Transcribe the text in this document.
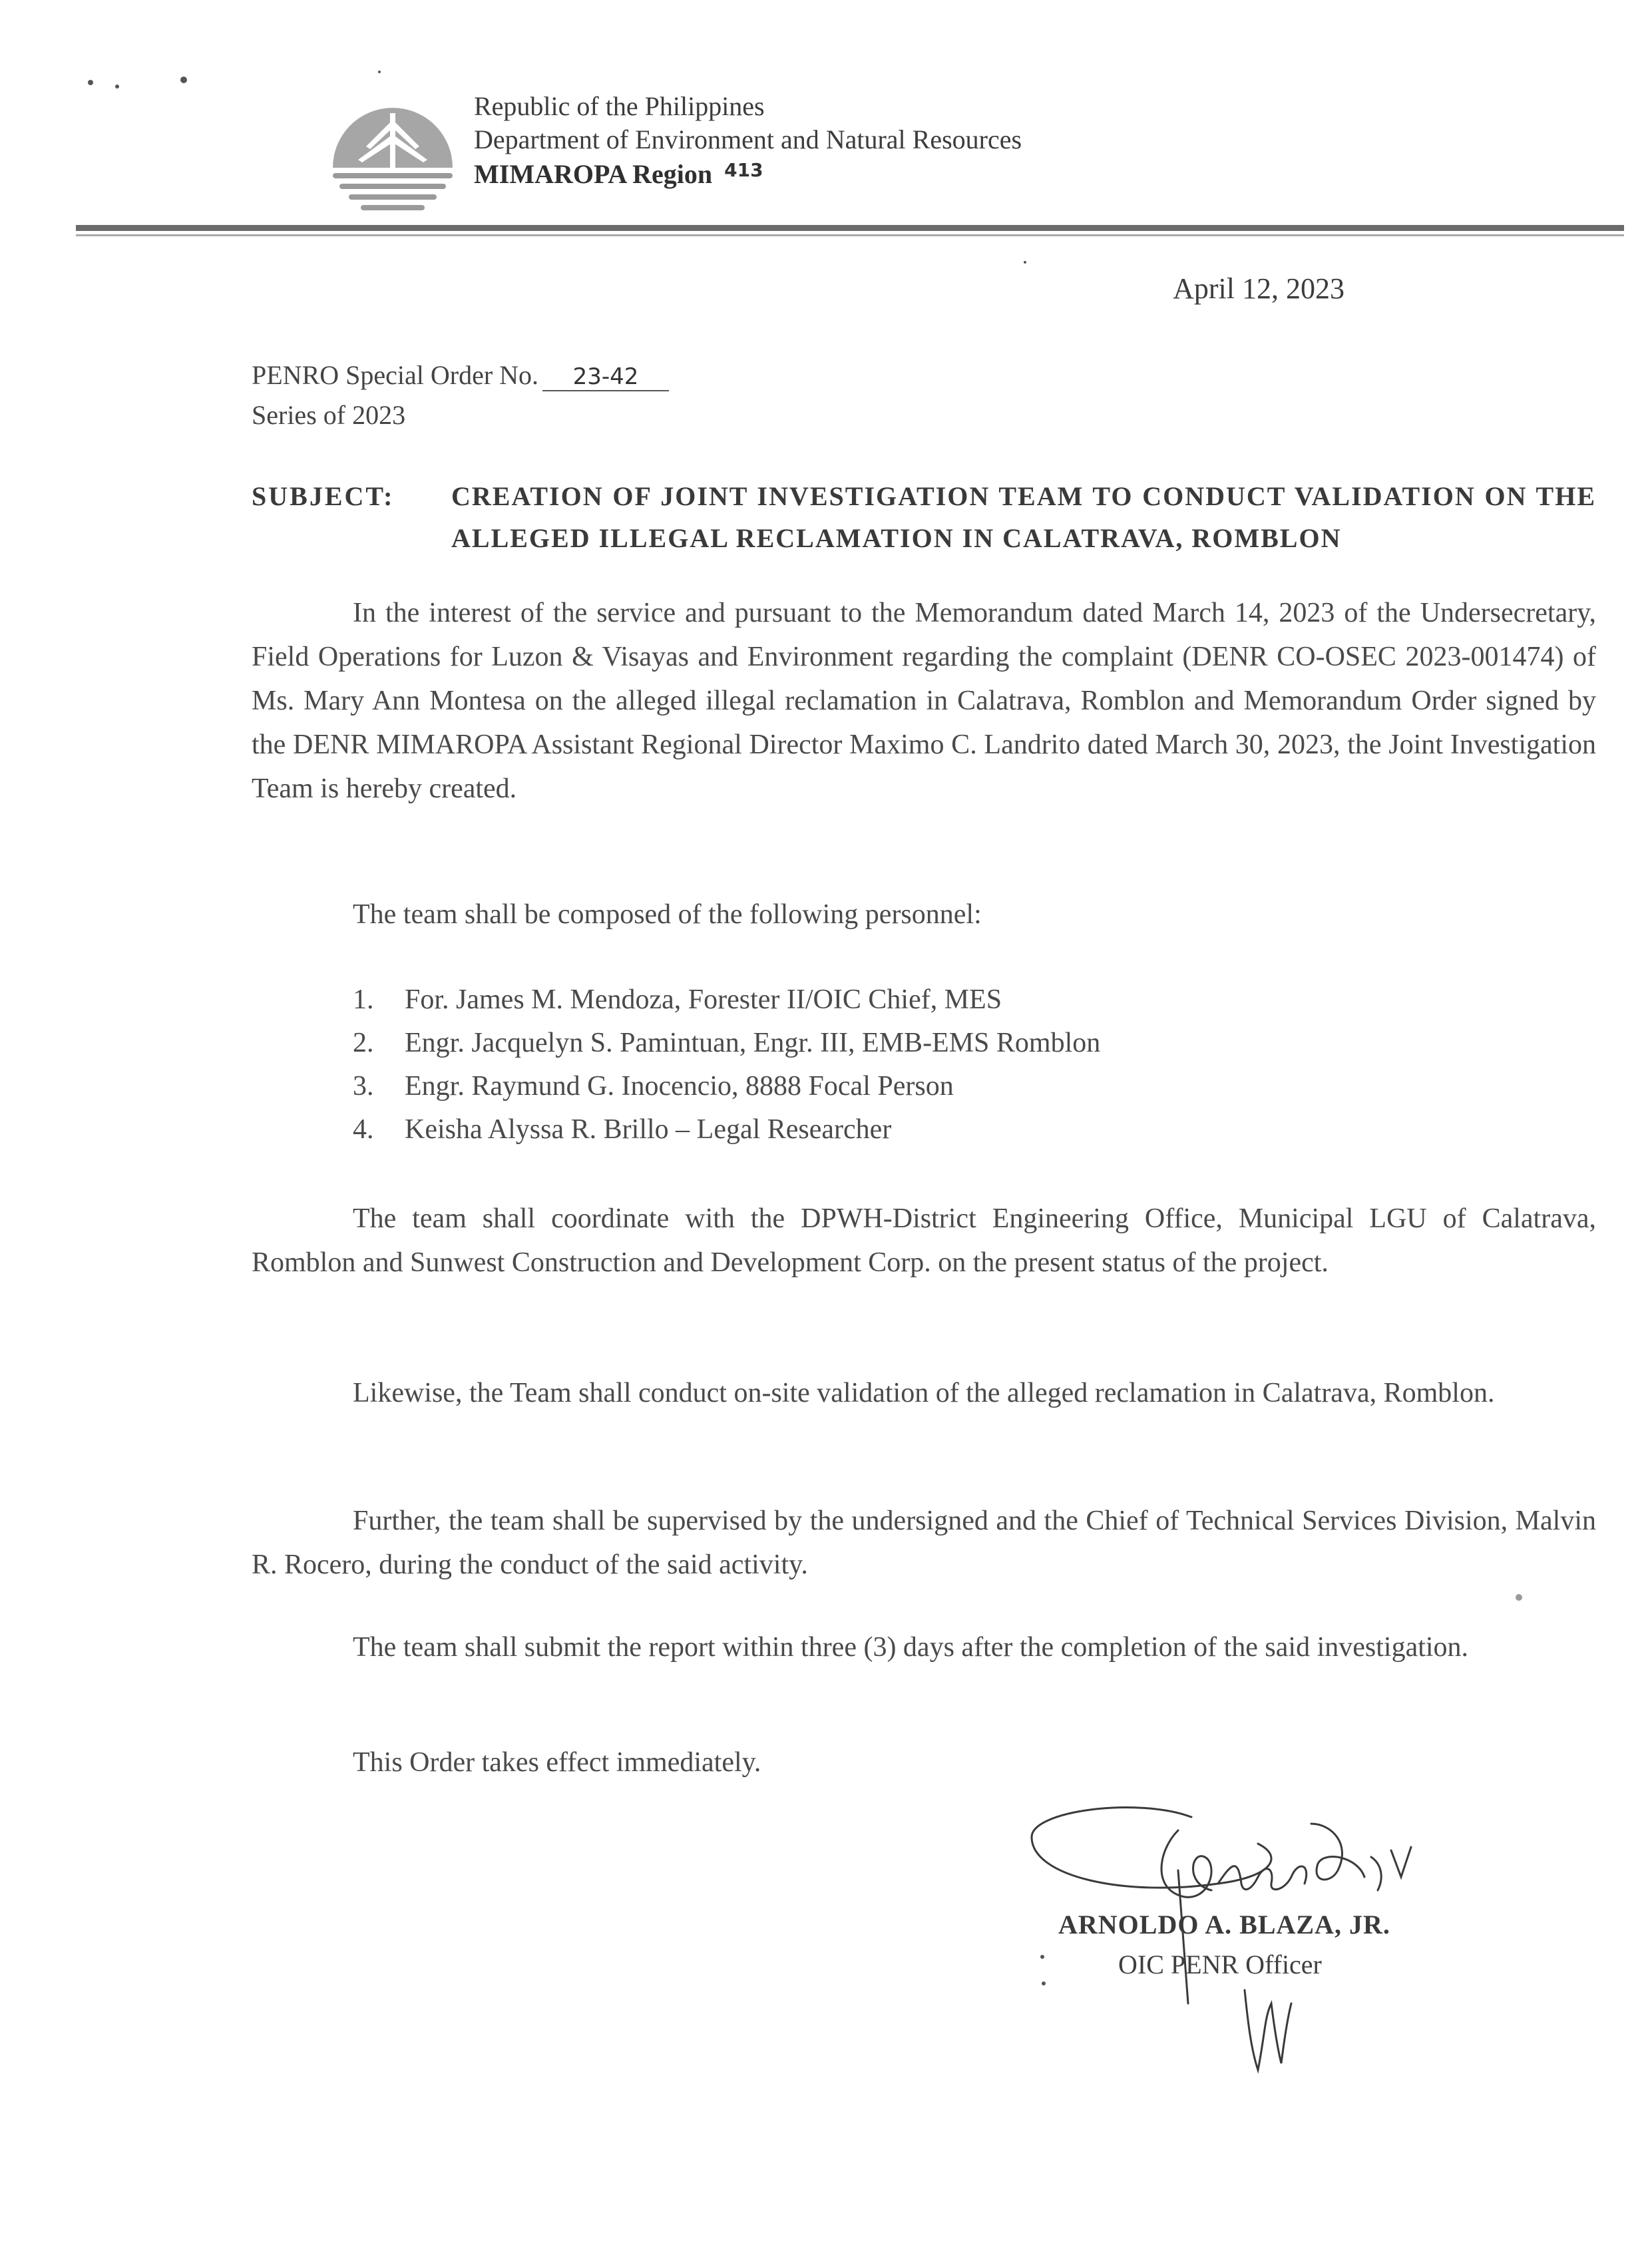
Republic of the Philippines
Department of Environment and Natural Resources
MIMAROPA Region $^{413}$
April 12, 2023
PENRO Special Order No. 23-42
Series of 2023
SUBJECT: CREATION OF JOINT INVESTIGATION TEAM TO CONDUCT VALIDATION ON THE ALLEGED ILLEGAL RECLAMATION IN CALATRAVA, ROMBLON
In the interest of the service and pursuant to the Memorandum dated March 14, 2023 of the Undersecretary, Field Operations for Luzon & Visayas and Environment regarding the complaint (DENR CO-OSEC 2023-001474) of Ms. Mary Ann Montesa on the alleged illegal reclamation in Calatrava, Romblon and Memorandum Order signed by the DENR MIMAROPA Assistant Regional Director Maximo C. Landrito dated March 30, 2023, the Joint Investigation Team is hereby created.
The team shall be composed of the following personnel:
1. For. James M. Mendoza, Forester II/OIC Chief, MES
2. Engr. Jacquelyn S. Pamintuan, Engr. III, EMB-EMS Romblon
3. Engr. Raymund G. Inocencio, 8888 Focal Person
4. Keisha Alyssa R. Brillo – Legal Researcher
The team shall coordinate with the DPWH-District Engineering Office, Municipal LGU of Calatrava, Romblon and Sunwest Construction and Development Corp. on the present status of the project.
Likewise, the Team shall conduct on-site validation of the alleged reclamation in Calatrava, Romblon.
Further, the team shall be supervised by the undersigned and the Chief of Technical Services Division, Malvin R. Rocero, during the conduct of the said activity.
The team shall submit the report within three (3) days after the completion of the said investigation.
This Order takes effect immediately.
ARNOLDO A. BLAZA, JR.
OIC PENR Officer
